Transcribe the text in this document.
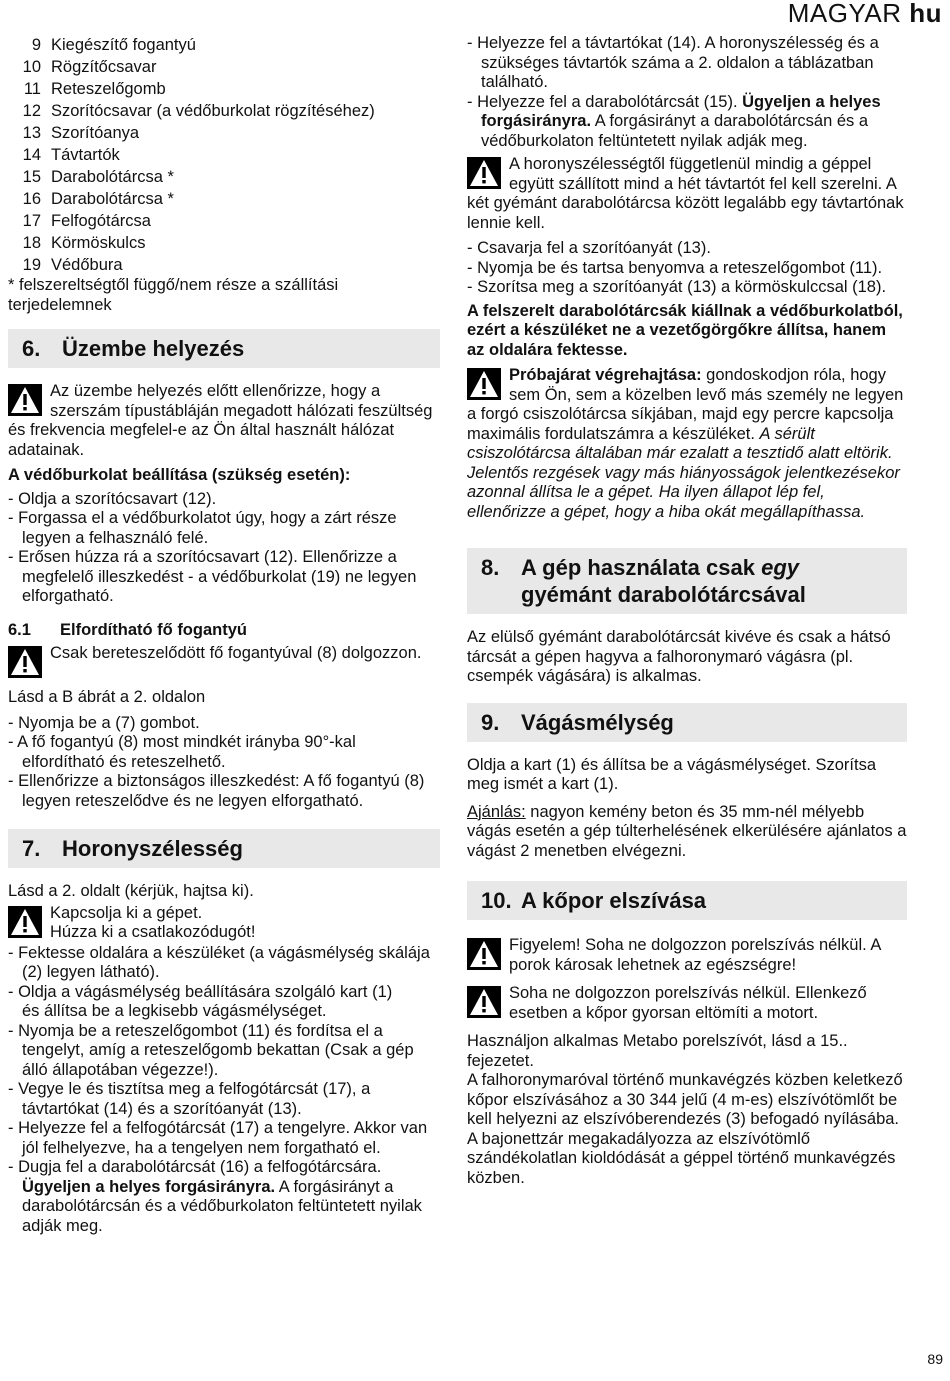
MAGYAR hu
9 Kiegészítő fogantyú
10 Rögzítőcsavar
11 Reteszelőgomb
12 Szorítócsavar (a védőburkolat rögzítéséhez)
13 Szorítóanya
14 Távtartók
15 Darabolótárcsa *
16 Darabolótárcsa *
17 Felfogótárcsa
18 Körmöskulcs
19 Védőbura

* felszereltségtől függő/nem része a szállítási terjedelemnek

6. Üzembe helyezés
Az üzembe helyezés előtt ellenőrizze, hogy a szerszám típustábláján megadott hálózati feszültség és frekvencia megfelel-e az Ön által használt hálózat adatainak.

A védőburkolat beállítása (szükség esetén):

- Oldja a szorítócsavart (12).

- Forgassa el a védőburkolatot úgy, hogy a zárt része legyen a felhasználó felé.

- Erősen húzza rá a szorítócsavart (12). Ellenőrizze a megfelelő illeszkedést - a védőburkolat (19) ne legyen elforgatható.

6.1	Elfordítható fő fogantyú
Csak bereteszelődött fő fogantyúval (8) dolgozzon.

Lásd a B ábrát a 2. oldalon

- Nyomja be a (7) gombot.

- A fő fogantyú (8) most mindkét irányba 90°-kal elfordítható és reteszelhető.

- Ellenőrizze a biztonságos illeszkedést: A fő fogantyú (8) legyen reteszelődve és ne legyen elforgatható.

7. Horonyszélesség

Lásd a 2. oldalt (kérjük, hajtsa ki).

Kapcsolja ki a gépet.
Húzza ki a csatlakozódugót!

- Fektesse oldalára a készüléket (a vágásmélység skálája (2) legyen látható).

- Oldja a vágásmélység beállítására szolgáló kart (1)
és állítsa be a legkisebb vágásmélységet.

- Nyomja be a reteszelőgombot (11) és fordítsa el a tengelyt, amíg a reteszelőgomb bekattan (Csak a gép álló állapotában végezze!).

- Vegye le és tisztítsa meg a felfogótárcsát (17), a távtartókat (14) és a szorítóanyát (13).

- Helyezze fel a felfogótárcsát (17) a tengelyre. Akkor van jól felhelyezve, ha a tengelyen nem forgatható el.

- Dugja fel a darabolótárcsát (16) a felfogótárcsára. Ügyeljen a helyes forgásirányra. A forgásirányt a darabolótárcsán és a védőburkolaton feltüntetett nyilak adják meg.

- Helyezze fel a távtartókat (14). A horonyszélesség és a szükséges távtartók száma a 2. oldalon a táblázatban található.

- Helyezze fel a darabolótárcsát (15). Ügyeljen a helyes forgásirányra. A forgásirányt a darabolótárcsán és a védőburkolaton feltüntetett nyilak adják meg.

A horonyszélességtől függetlenül mindig a géppel együtt szállított mind a hét távtartót fel kell szerelni. A két gyémánt darabolótárcsa között legalább egy távtartónak lennie kell.

- Csavarja fel a szorítóanyát (13).

- Nyomja be és tartsa benyomva a reteszelőgombot (11).

- Szorítsa meg a szorítóanyát (13) a körmöskulccsal (18).

A felszerelt darabolótárcsák kiállnak a védőburkolatból, ezért a készüléket ne a vezetőgörgőkre állítsa, hanem az oldalára fektesse.

Próbajárat végrehajtása: gondoskodjon róla, hogy sem Ön, sem a közelben levő más személy ne legyen a forgó csiszolótárcsa síkjában, majd egy percre kapcsolja maximális fordulatszámra a készüléket. A sérült csiszolótárcsa általában már ezalatt a tesztidő alatt eltörik.

Jelentős rezgések vagy más hiányosságok jelentkezésekor azonnal állítsa le a gépet. Ha ilyen állapot lép fel, ellenőrizze a gépet, hogy a hiba okát megállapíthassa.

8. A gép használata csak egy
gyémánt darabolótárcsával

Az elülső gyémánt darabolótárcsát kivéve és csak a hátsó tárcsát a gépen hagyva a falhoronymaró vágásra (pl. csempék vágására) is alkalmas.

9. Vágásmélység

Oldja a kart (1) és állítsa be a vágásmélységet. Szorítsa meg ismét a kart (1).

Ajánlás: nagyon kemény beton és 35 mm-nél mélyebb vágás esetén a gép túlterhelésének elkerülésére ajánlatos a vágást 2 menetben elvégezni.

10. A kőpor elszívása
Figyelem! Soha ne dolgozzon porelszívás nélkül. A porok károsak lehetnek az egészségre!
Soha ne dolgozzon porelszívás nélkül. Ellenkező esetben a kőpor gyorsan eltömíti a motort.

Használjon alkalmas Metabo porelszívót, lásd a 15.. fejezetet.

A falhoronymaróval történő munkavégzés közben keletkező kőpor elszívásához a 30 344 jelű (4 m-es) elszívótömlőt be kell helyezni az elszívóberendezés (3) befogadó nyílásába. A bajonettzár megakadályozza az elszívótömlő szándékolatlan kioldódását a géppel történő munkavégzés közben.

89
